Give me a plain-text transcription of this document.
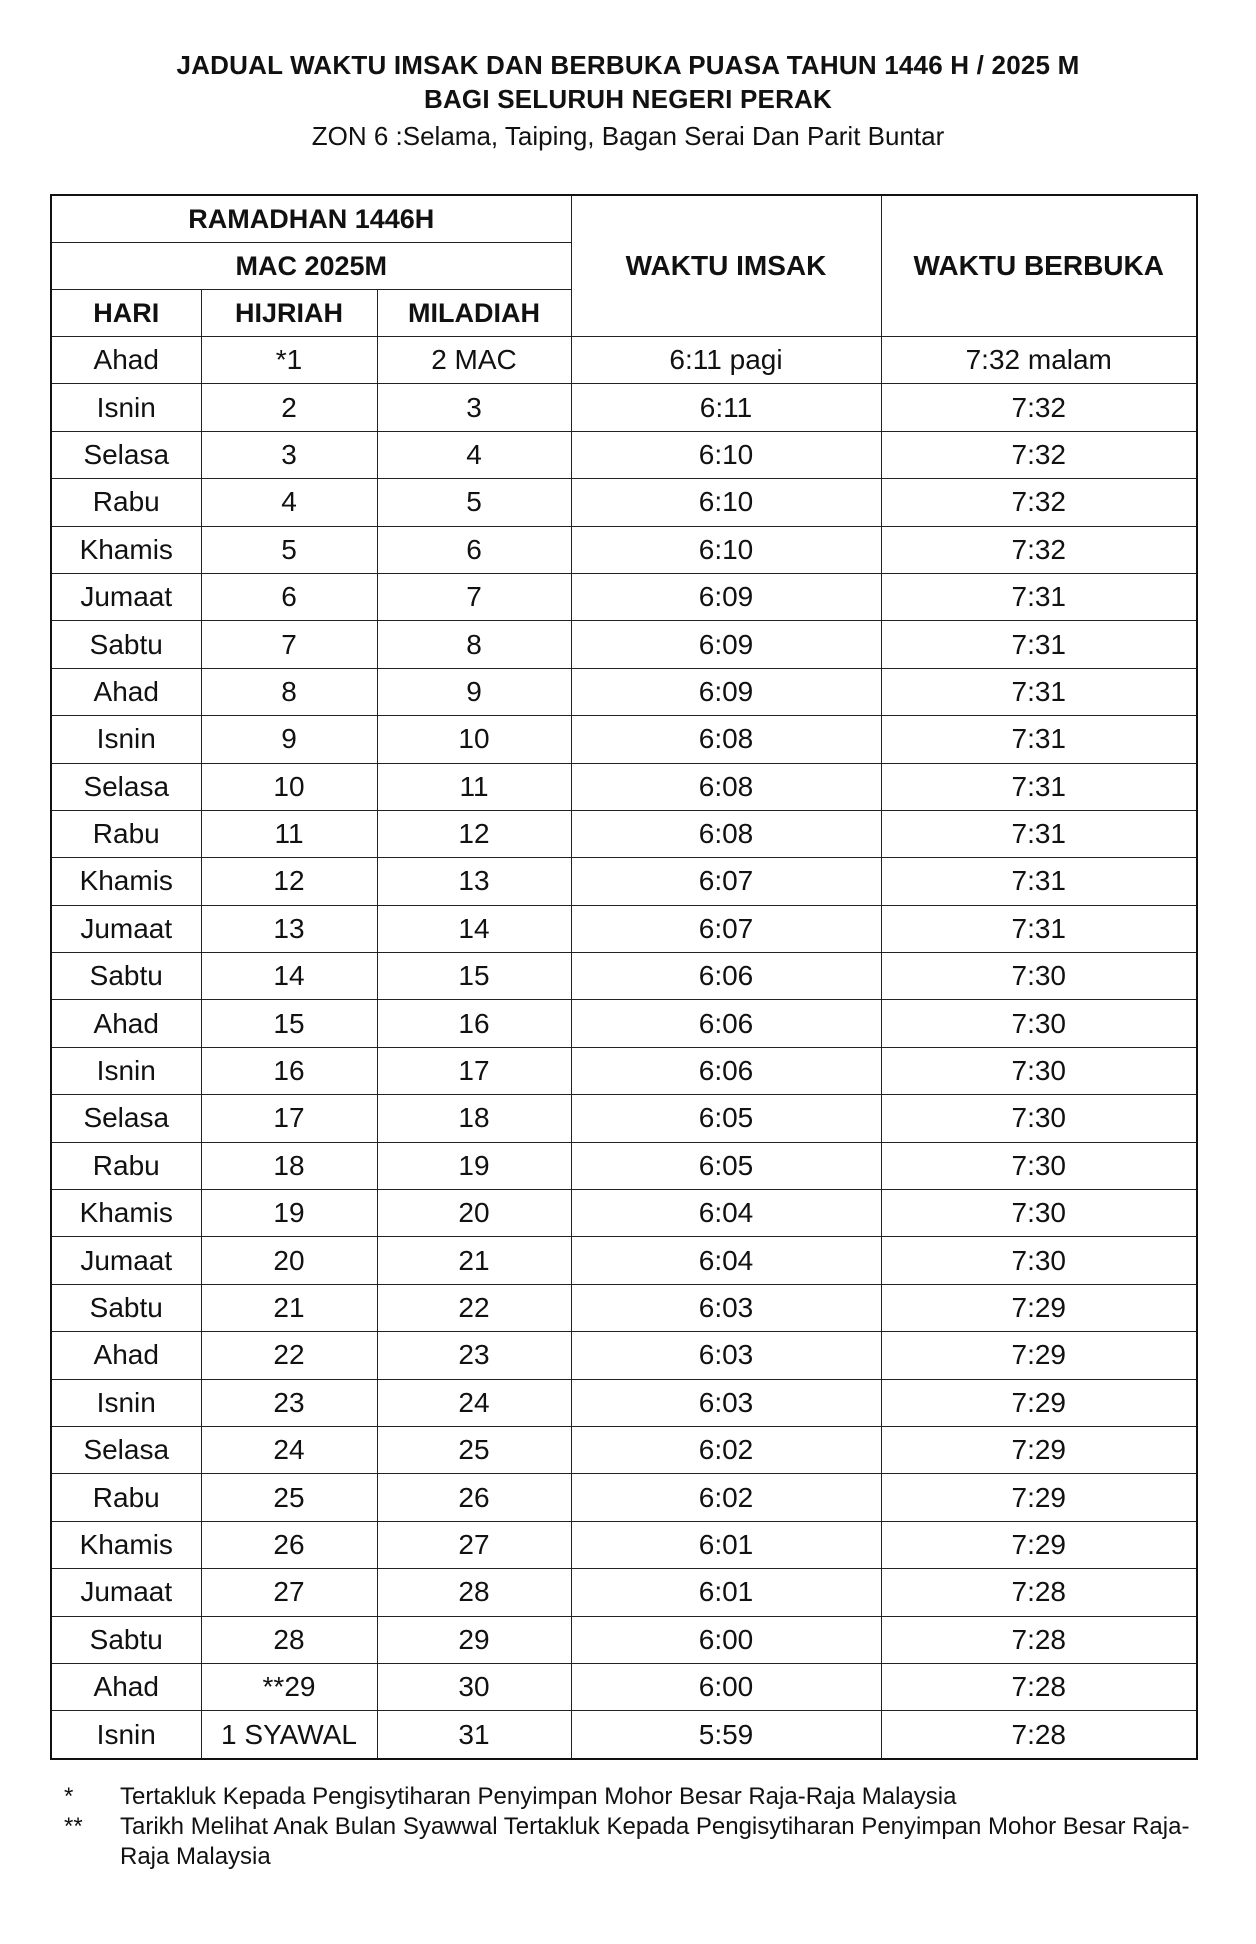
JADUAL WAKTU IMSAK DAN BERBUKA PUASA TAHUN 1446 H / 2025 M
BAGI SELURUH NEGERI PERAK
ZON 6 :Selama, Taiping, Bagan Serai Dan Parit Buntar
RAMADHAN 1446H			WAKTU IMSAK	WAKTU BERBUKA
MAC 2025M				
HARI	HIJRIAH	MILADIAH		
Ahad	*1	2 MAC	6:11 pagi	7:32 malam
Isnin	2	3	6:11	7:32
Selasa	3	4	6:10	7:32
Rabu	4	5	6:10	7:32
Khamis	5	6	6:10	7:32
Jumaat	6	7	6:09	7:31
Sabtu	7	8	6:09	7:31
Ahad	8	9	6:09	7:31
Isnin	9	10	6:08	7:31
Selasa	10	11	6:08	7:31
Rabu	11	12	6:08	7:31
Khamis	12	13	6:07	7:31
Jumaat	13	14	6:07	7:31
Sabtu	14	15	6:06	7:30
Ahad	15	16	6:06	7:30
Isnin	16	17	6:06	7:30
Selasa	17	18	6:05	7:30
Rabu	18	19	6:05	7:30
Khamis	19	20	6:04	7:30
Jumaat	20	21	6:04	7:30
Sabtu	21	22	6:03	7:29
Ahad	22	23	6:03	7:29
Isnin	23	24	6:03	7:29
Selasa	24	25	6:02	7:29
Rabu	25	26	6:02	7:29
Khamis	26	27	6:01	7:29
Jumaat	27	28	6:01	7:28
Sabtu	28	29	6:00	7:28
Ahad	**29	30	6:00	7:28
Isnin	1 SYAWAL	31	5:59	7:28
*	Tertakluk Kepada Pengisytiharan Penyimpan Mohor Besar Raja-Raja Malaysia
**	Tarikh Melihat Anak Bulan Syawwal Tertakluk Kepada Pengisytiharan Penyimpan Mohor Besar Raja-Raja Malaysia
